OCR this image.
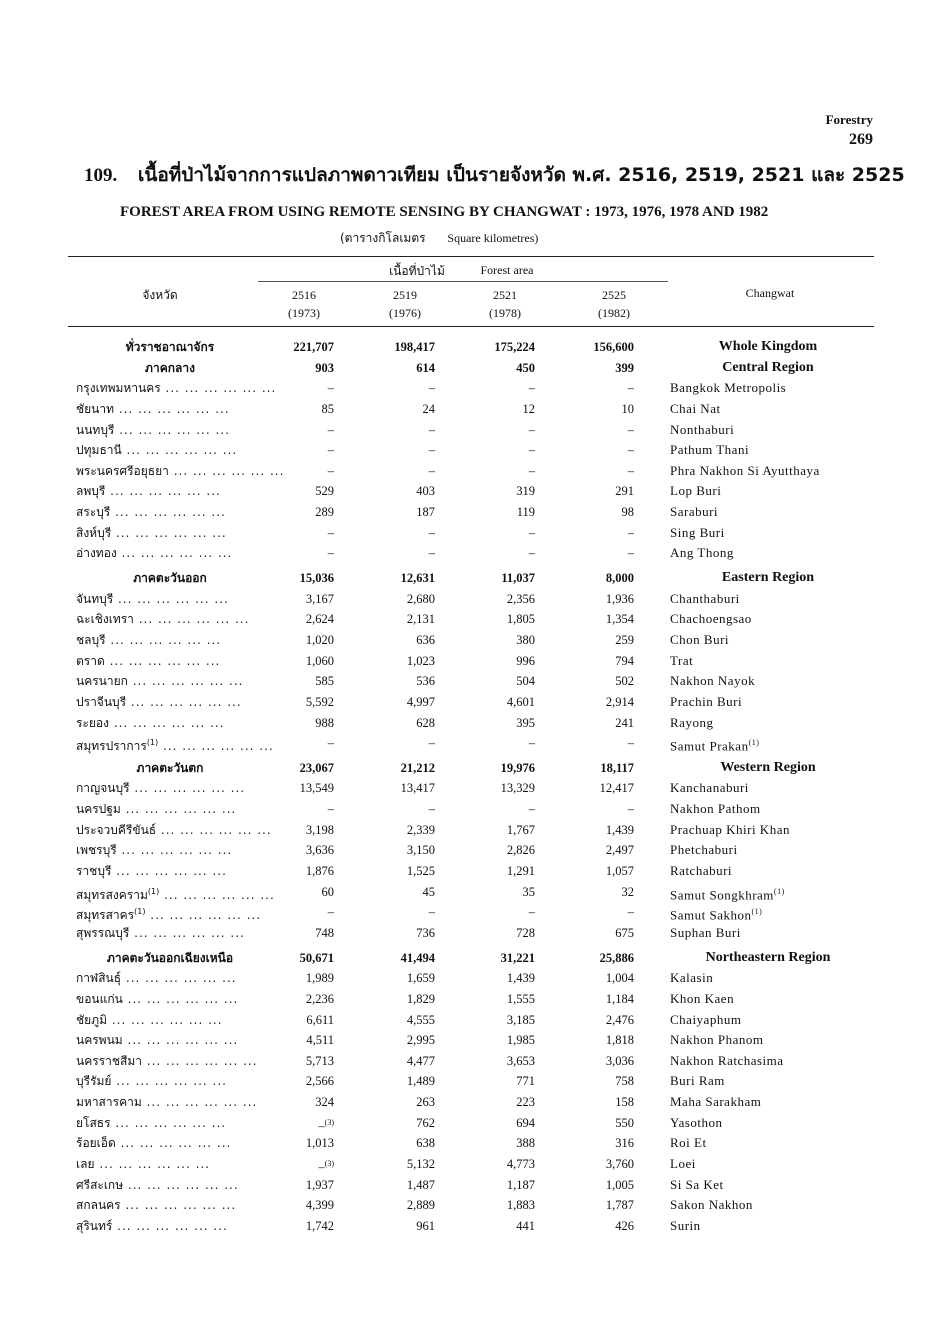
Forestry
269
109. เนื้อที่ป่าไม้จากการแปลภาพดาวเทียม เป็นรายจังหวัด พ.ศ. 2516, 2519, 2521 และ 2525
FOREST AREA FROM USING REMOTE SENSING BY CHANGWAT : 1973, 1976, 1978 AND 1982
(ตารางกิโลเมตร Square kilometres)
จังหวัด
เนื้อที่ป่าไม้	Forest area
Changwat
2516
(1973)
2519
(1976)
2521
(1978)
2525
(1982)
ทั่วราชอาณาจักร	221,707	198,417	175,224	156,600	Whole Kingdom
ภาคกลาง	903	614	450	399	Central Region
กรุงเทพมหานคร ... ... ... ... ... ...	–	–	–	–	Bangkok Metropolis
ชัยนาท ... ... ... ... ... ...	85	24	12	10	Chai Nat
นนทบุรี ... ... ... ... ... ...	–	–	–	–	Nonthaburi
ปทุมธานี ... ... ... ... ... ...	–	–	–	–	Pathum Thani
พระนครศรีอยุธยา ... ... ... ... ... ...	–	–	–	–	Phra Nakhon Si Ayutthaya
ลพบุรี ... ... ... ... ... ...	529	403	319	291	Lop Buri
สระบุรี ... ... ... ... ... ...	289	187	119	98	Saraburi
สิงห์บุรี ... ... ... ... ... ...	–	–	–	–	Sing Buri
อ่างทอง ... ... ... ... ... ...	–	–	–	–	Ang Thong
ภาคตะวันออก	15,036	12,631	11,037	8,000	Eastern Region
จันทบุรี ... ... ... ... ... ...	3,167	2,680	2,356	1,936	Chanthaburi
ฉะเชิงเทรา ... ... ... ... ... ...	2,624	2,131	1,805	1,354	Chachoengsao
ชลบุรี ... ... ... ... ... ...	1,020	636	380	259	Chon Buri
ตราด ... ... ... ... ... ...	1,060	1,023	996	794	Trat
นครนายก ... ... ... ... ... ...	585	536	504	502	Nakhon Nayok
ปราจีนบุรี ... ... ... ... ... ...	5,592	4,997	4,601	2,914	Prachin Buri
ระยอง ... ... ... ... ... ...	988	628	395	241	Rayong
สมุทรปราการ$^{(1)}$ ... ... ... ... ... ...	–	–	–	–	Samut Prakan$^{(1)}$
ภาคตะวันตก	23,067	21,212	19,976	18,117	Western Region
กาญจนบุรี ... ... ... ... ... ...	13,549	13,417	13,329	12,417	Kanchanaburi
นครปฐม ... ... ... ... ... ...	–	–	–	–	Nakhon Pathom
ประจวบคีรีขันธ์ ... ... ... ... ... ...	3,198	2,339	1,767	1,439	Prachuap Khiri Khan
เพชรบุรี ... ... ... ... ... ...	3,636	3,150	2,826	2,497	Phetchaburi
ราชบุรี ... ... ... ... ... ...	1,876	1,525	1,291	1,057	Ratchaburi
สมุทรสงคราม$^{(1)}$ ... ... ... ... ... ...	60	45	35	32	Samut Songkhram$^{(1)}$
สมุทรสาคร$^{(1)}$ ... ... ... ... ... ...	–	–	–	–	Samut Sakhon$^{(1)}$
สุพรรณบุรี ... ... ... ... ... ...	748	736	728	675	Suphan Buri
ภาคตะวันออกเฉียงเหนือ	50,671	41,494	31,221	25,886	Northeastern Region
กาฬสินธุ์ ... ... ... ... ... ...	1,989	1,659	1,439	1,004	Kalasin
ขอนแก่น ... ... ... ... ... ...	2,236	1,829	1,555	1,184	Khon Kaen
ชัยภูมิ ... ... ... ... ... ...	6,611	4,555	3,185	2,476	Chaiyaphum
นครพนม ... ... ... ... ... ...	4,511	2,995	1,985	1,818	Nakhon Phanom
นครราชสีมา ... ... ... ... ... ...	5,713	4,477	3,653	3,036	Nakhon Ratchasima
บุรีรัมย์ ... ... ... ... ... ...	2,566	1,489	771	758	Buri Ram
มหาสารคาม ... ... ... ... ... ...	324	263	223	158	Maha Sarakham
ยโสธร ... ... ... ... ... ...	–$^{(3)}$	762	694	550	Yasothon
ร้อยเอ็ด ... ... ... ... ... ...	1,013	638	388	316	Roi Et
เลย ... ... ... ... ... ...	–$^{(3)}$	5,132	4,773	3,760	Loei
ศรีสะเกษ ... ... ... ... ... ...	1,937	1,487	1,187	1,005	Si Sa Ket
สกลนคร ... ... ... ... ... ...	4,399	2,889	1,883	1,787	Sakon Nakhon
สุรินทร์ ... ... ... ... ... ...	1,742	961	441	426	Surin
